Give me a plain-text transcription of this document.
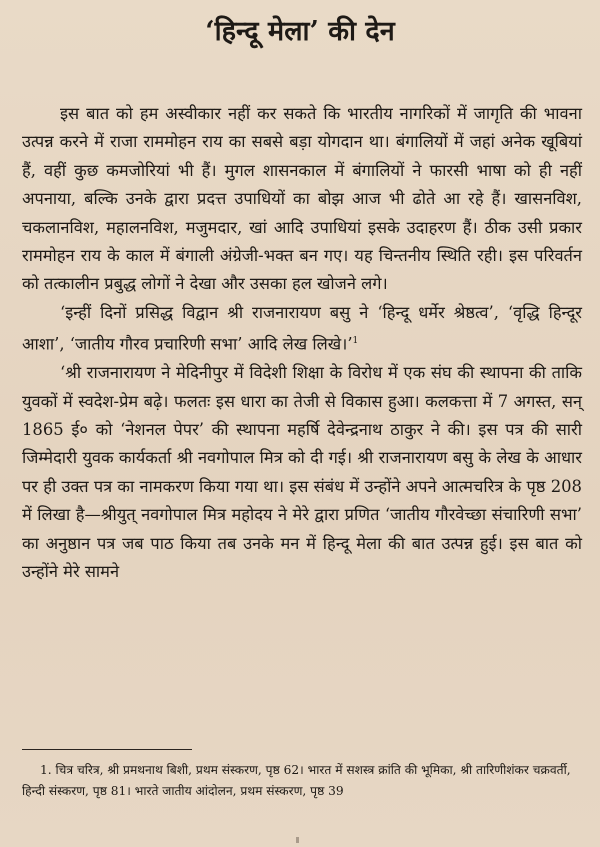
‘हिन्दू मेला’ की देन

इस बात को हम अस्वीकार नहीं कर सकते कि भारतीय नागरिकों में जागृति की भावना उत्पन्न करने में राजा राममोहन राय का सबसे बड़ा योगदान था। बंगालियों में जहां अनेक खूबियां हैं, वहीं कुछ कमजोरियां भी हैं। मुगल शासनकाल में बंगालियों ने फारसी भाषा को ही नहीं अपनाया, बल्कि उनके द्वारा प्रदत्त उपाधियों का बोझ आज भी ढोते आ रहे हैं। खासनविश, चकलानविश, महालनविश, मजुमदार, खां आदि उपाधियां इसके उदाहरण हैं। ठीक उसी प्रकार राममोहन राय के काल में बंगाली अंग्रेजी-भक्त बन गए। यह चिन्तनीय स्थिति रही। इस परिवर्तन को तत्कालीन प्रबुद्ध लोगों ने देखा और उसका हल खोजने लगे।

‘इन्हीं दिनों प्रसिद्ध विद्वान श्री राजनारायण बसु ने ‘हिन्दू धर्मेर श्रेष्ठत्व’, ‘वृद्धि हिन्दूर आशा’, ‘जातीय गौरव प्रचारिणी सभा’ आदि लेख लिखे।’$^1$

‘श्री राजनारायण ने मेदिनीपुर में विदेशी शिक्षा के विरोध में एक संघ की स्थापना की ताकि युवकों में स्वदेश-प्रेम बढ़े। फलतः इस धारा का तेजी से विकास हुआ। कलकत्ता में 7 अगस्त, सन् 1865 ई० को ‘नेशनल पेपर’ की स्थापना महर्षि देवेन्द्रनाथ ठाकुर ने की। इस पत्र की सारी जिम्मेदारी युवक कार्यकर्ता श्री नवगोपाल मित्र को दी गई। श्री राजनारायण बसु के लेख के आधार पर ही उक्त पत्र का नामकरण किया गया था। इस संबंध में उन्होंने अपने आत्मचरित्र के पृष्ठ 208 में लिखा है—श्रीयुत् नवगोपाल मित्र महोदय ने मेरे द्वारा प्रणित ‘जातीय गौरवेच्छा संचारिणी सभा’ का अनुष्ठान पत्र जब पाठ किया तब उनके मन में हिन्दू मेला की बात उत्पन्न हुई। इस बात को उन्होंने मेरे सामने

1. चित्र चरित्र, श्री प्रमथनाथ बिशी, प्रथम संस्करण, पृष्ठ 62। भारत में सशस्त्र क्रांति की भूमिका, श्री तारिणीशंकर चक्रवर्ती, हिन्दी संस्करण, पृष्ठ 81। भारते जातीय आंदोलन, प्रथम संस्करण, पृष्ठ 39
